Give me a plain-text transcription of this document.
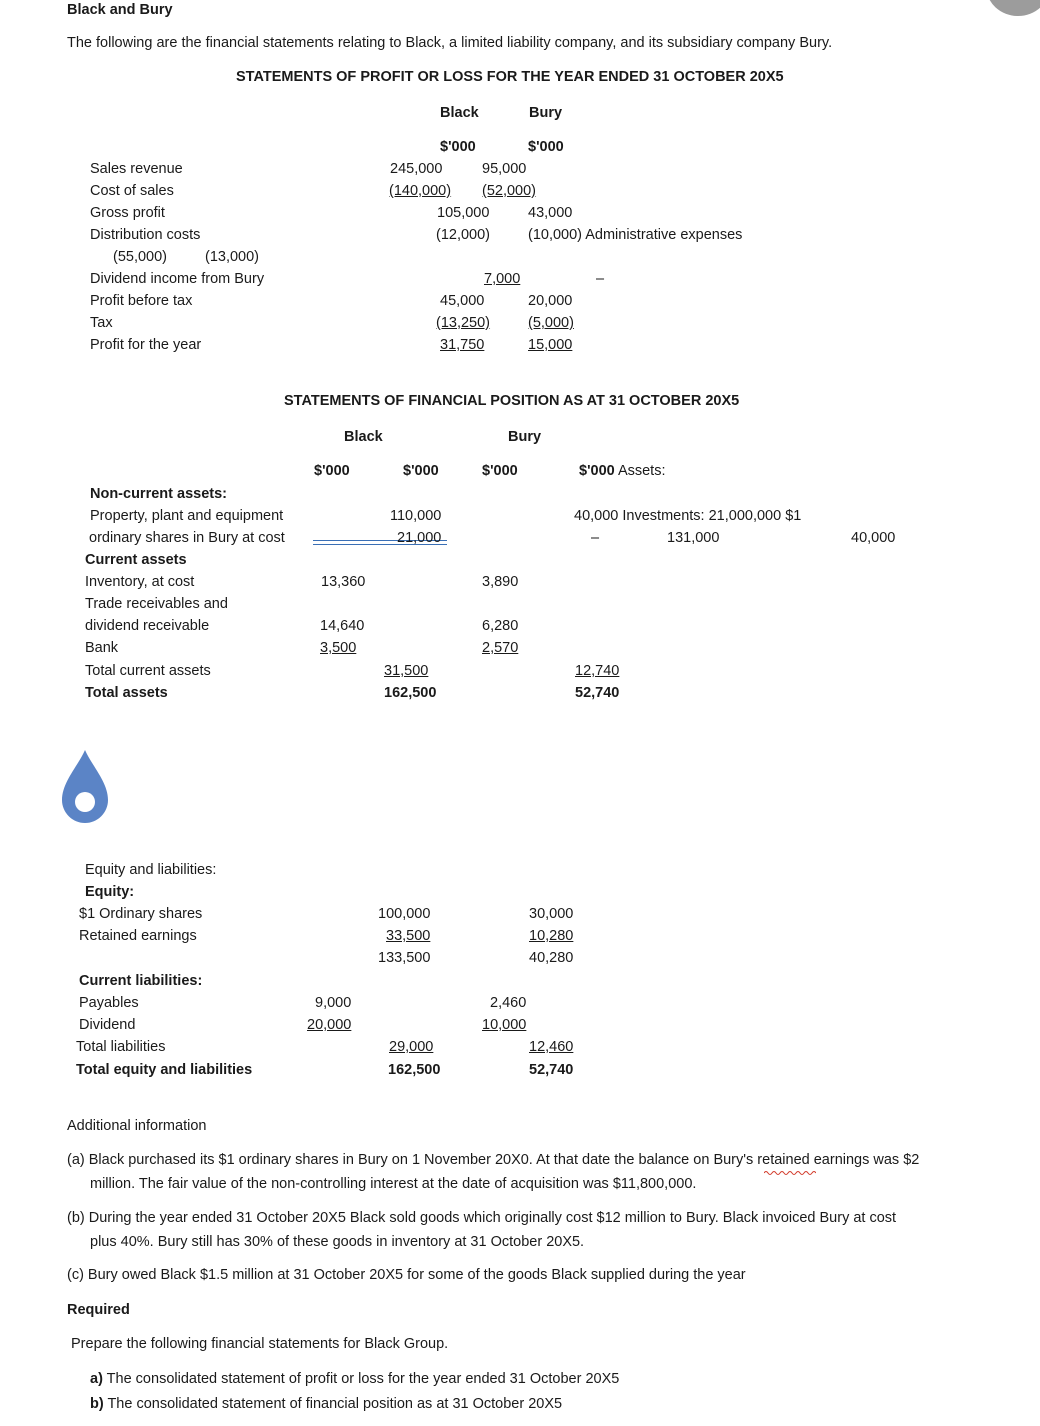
Black and Bury
The following are the financial statements relating to Black, a limited liability company, and its subsidiary company Bury.
STATEMENTS OF PROFIT OR LOSS FOR THE YEAR ENDED 31 OCTOBER 20X5
Black	Bury
$'000	$'000
Sales revenue	245,000	95,000
Cost of sales	(140,000) (52,000)
Gross profit	105,000	43,000
Distribution costs	(12,000)	(10,000) Administrative expenses
(55,000)	(13,000)
Dividend income from Bury	7,000	–
Profit before tax	45,000	20,000
Tax	(13,250)	(5,000)
Profit for the year	31,750	15,000
STATEMENTS OF FINANCIAL POSITION AS AT 31 OCTOBER 20X5
Black	Bury
$'000	$'000	$'000	$'000 Assets:
Non-current assets:
Property, plant and equipment	110,000	40,000 Investments: 21,000,000 $1
ordinary shares in Bury at cost	21,000	–	131,000	40,000
Current assets
Inventory, at cost	13,360	3,890
Trade receivables and
dividend receivable	14,640	6,280
Bank	3,500	2,570
Total current assets	31,500	12,740
Total assets	162,500	52,740
Equity and liabilities:
Equity:
$1 Ordinary shares	100,000	30,000
Retained earnings	33,500	10,280
133,500	40,280
Current liabilities:
Payables	9,000	2,460
Dividend	20,000	10,000
Total liabilities	29,000	12,460
Total equity and liabilities	162,500	52,740
Additional information
(a) Black purchased its $1 ordinary shares in Bury on 1 November 20X0. At that date the balance on Bury's retained earnings was $2
million. The fair value of the non-controlling interest at the date of acquisition was $11,800,000.
(b) During the year ended 31 October 20X5 Black sold goods which originally cost $12 million to Bury. Black invoiced Bury at cost
plus 40%. Bury still has 30% of these goods in inventory at 31 October 20X5.
(c) Bury owed Black $1.5 million at 31 October 20X5 for some of the goods Black supplied during the year
Required
Prepare the following financial statements for Black Group.
a) The consolidated statement of profit or loss for the year ended 31 October 20X5
b) The consolidated statement of financial position as at 31 October 20X5
